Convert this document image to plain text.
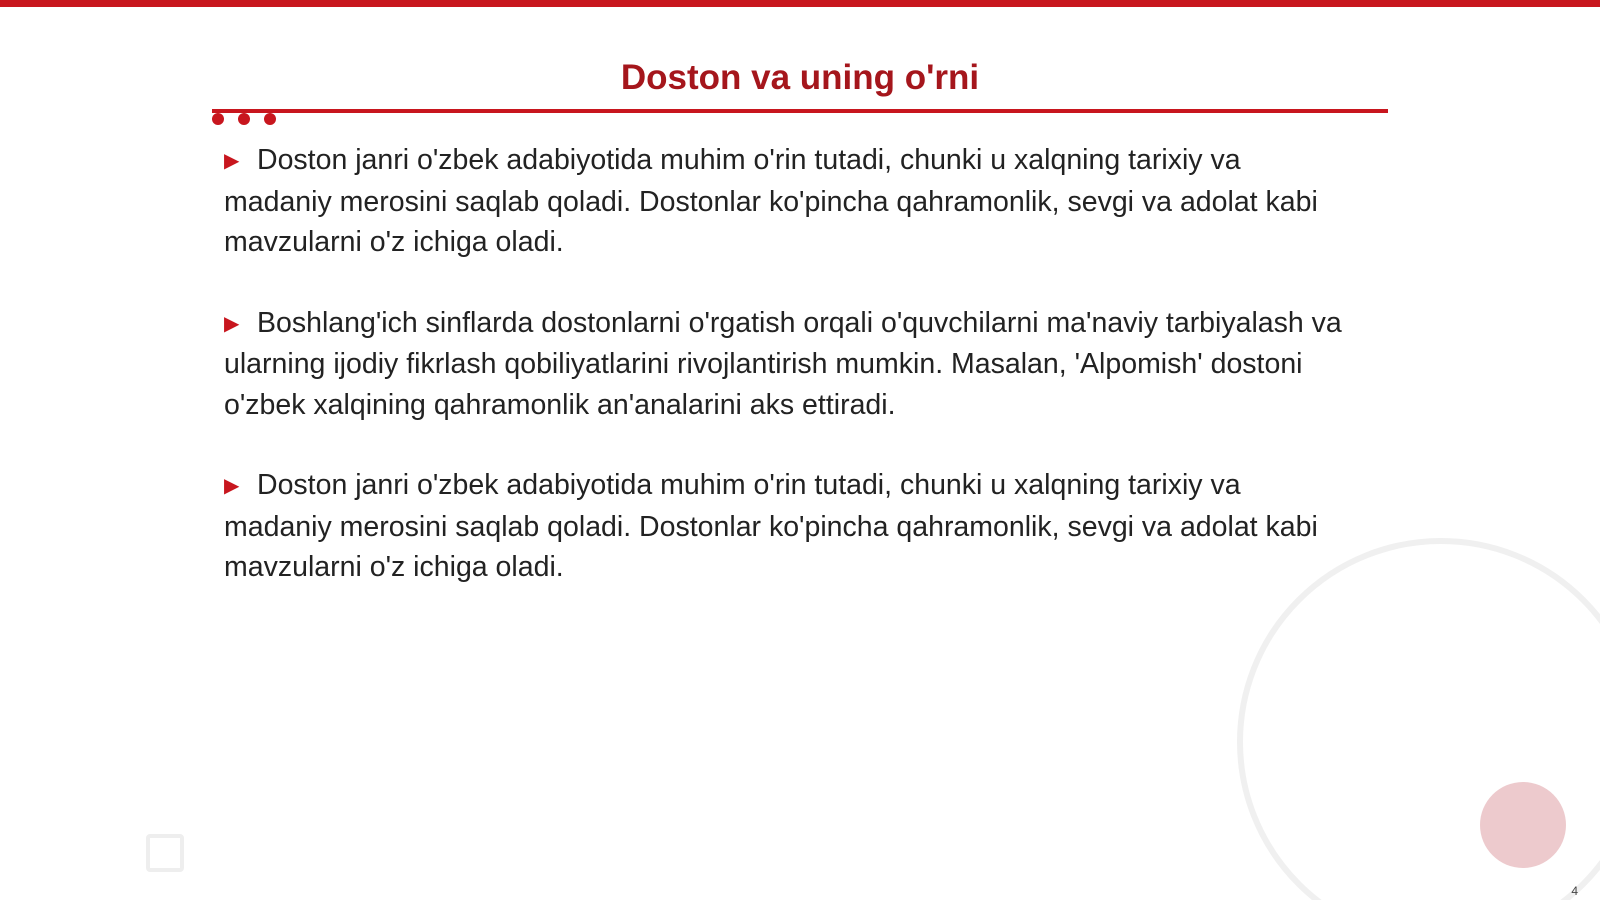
Doston va uning o'rni

▶ Doston janri o'zbek adabiyotida muhim o'rin tutadi, chunki u xalqning tarixiy va madaniy merosini saqlab qoladi. Dostonlar ko'pincha qahramonlik, sevgi va adolat kabi mavzularni o'z ichiga oladi.

▶ Boshlang'ich sinflarda dostonlarni o'rgatish orqali o'quvchilarni ma'naviy tarbiyalash va ularning ijodiy fikrlash qobiliyatlarini rivojlantirish mumkin. Masalan, 'Alpomish' dostoni o'zbek xalqining qahramonlik an'analarini aks ettiradi.

▶ Doston janri o'zbek adabiyotida muhim o'rin tutadi, chunki u xalqning tarixiy va madaniy merosini saqlab qoladi. Dostonlar ko'pincha qahramonlik, sevgi va adolat kabi mavzularni o'z ichiga oladi.

4
